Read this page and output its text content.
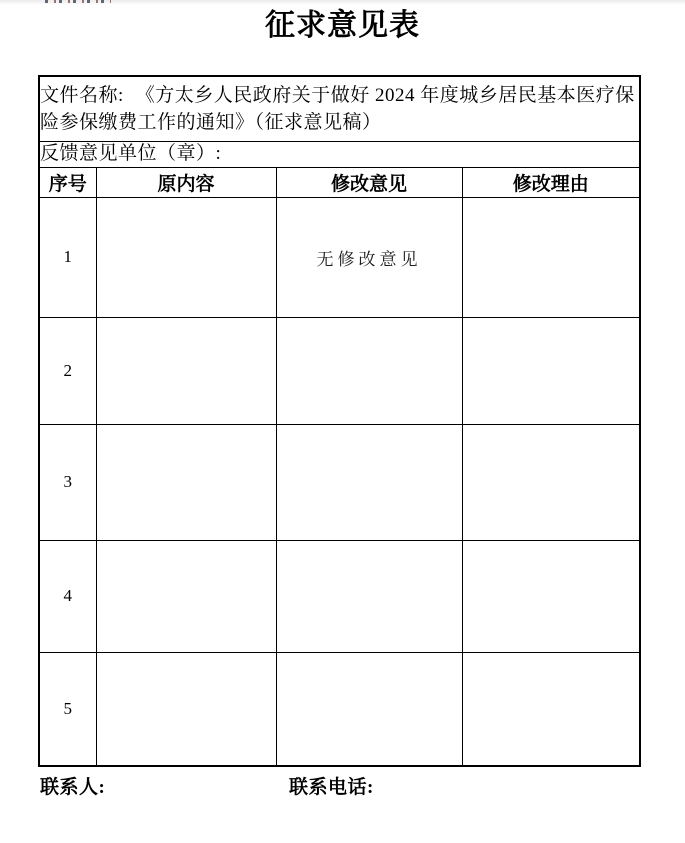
征求意见表
文件名称: 《方太乡人民政府关于做好 2024 年度城乡居民基本医疗保险参保缴费工作的通知》（征求意见稿）			
反馈意见单位（章）:			
序号	原内容	修改意见	修改理由
1		无修改意见	
2			
3			
4			
5			
联系人:	联系电话:
